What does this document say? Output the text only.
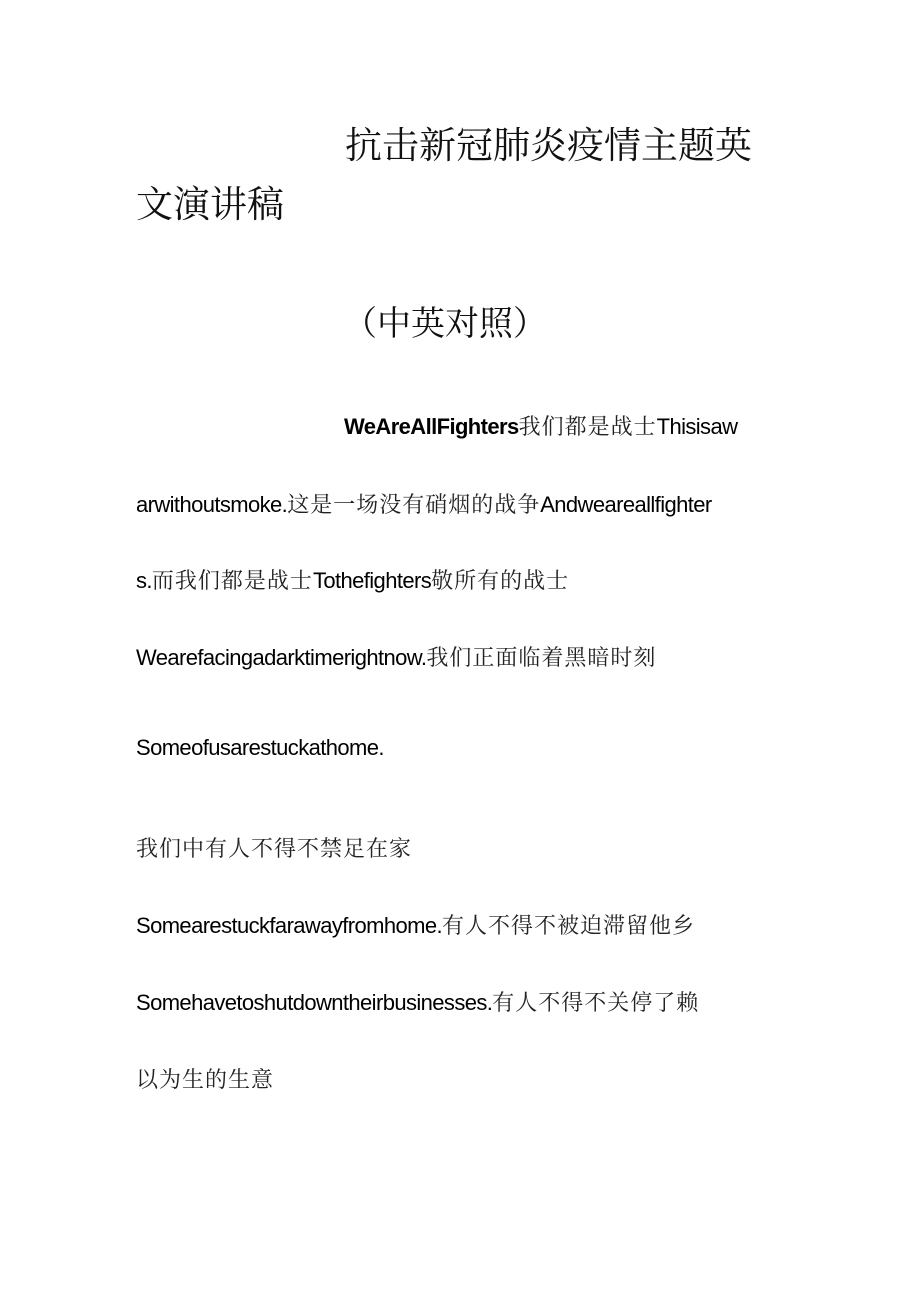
抗击新冠肺炎疫情主题英
文演讲稿
（中英对照）
WeAreAllFighters我们都是战士Thisisaw
arwithoutsmoke.这是一场没有硝烟的战争Andweareallfighter
s.而我们都是战士Tothefighters敬所有的战士
Wearefacingadarktimerightnow.我们正面临着黑暗时刻
Someofusarestuckathome.
我们中有人不得不禁足在家
Somearestuckfarawayfromhome.有人不得不被迫滞留他乡
Somehavetoshutdowntheirbusinesses.有人不得不关停了赖
以为生的生意
